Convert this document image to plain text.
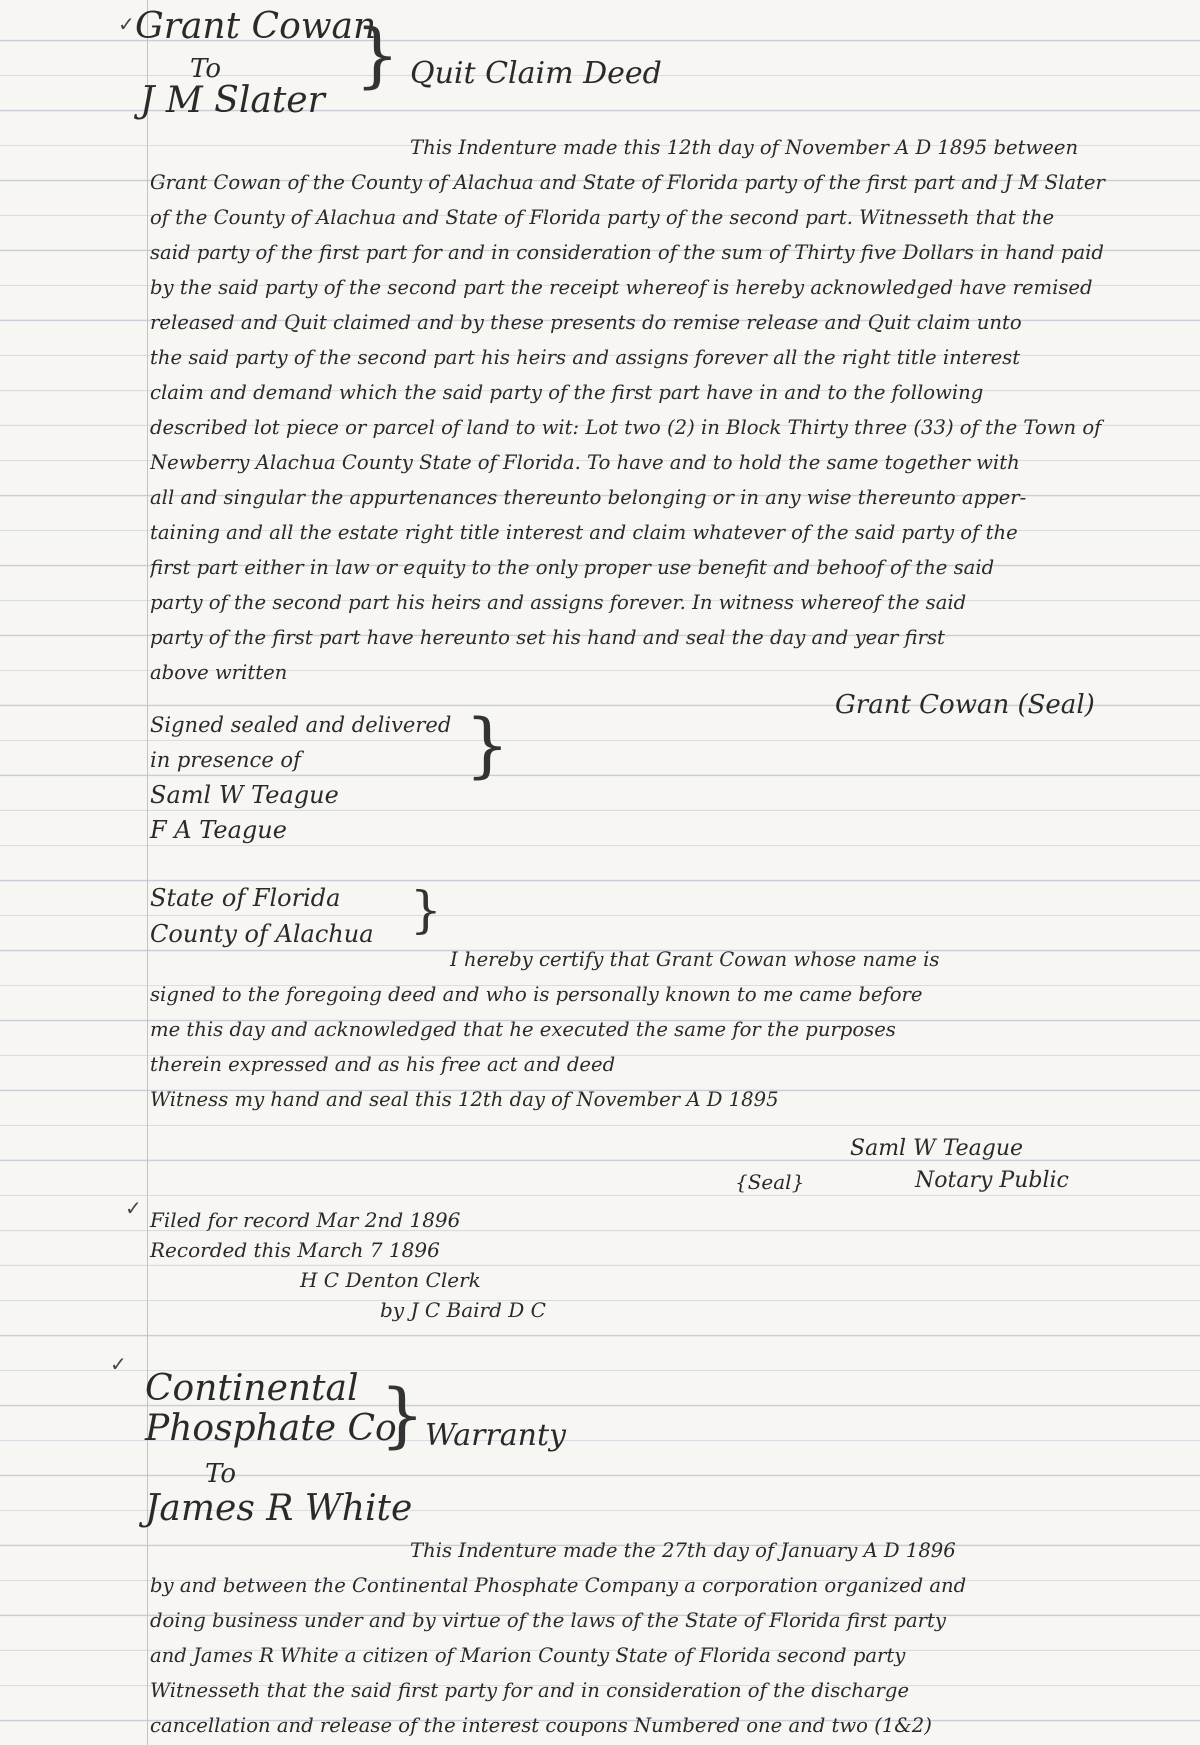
✓ Grant Cowan
To
J M Slater
} Quit Claim Deed
This Indenture made this 12th day of November A D 1895 between
Grant Cowan of the County of Alachua and State of Florida party of the first part and J M Slater
of the County of Alachua and State of Florida party of the second part. Witnesseth that the
said party of the first part for and in consideration of the sum of Thirty five Dollars in hand paid
by the said party of the second part the receipt whereof is hereby acknowledged have remised
released and Quit claimed and by these presents do remise release and Quit claim unto
the said party of the second part his heirs and assigns forever all the right title interest
claim and demand which the said party of the first part have in and to the following
described lot piece or parcel of land to wit: Lot two (2) in Block Thirty three (33) of the Town of
Newberry Alachua County State of Florida. To have and to hold the same together with
all and singular the appurtenances thereunto belonging or in any wise thereunto apper-
taining and all the estate right title interest and claim whatever of the said party of the
first part either in law or equity to the only proper use benefit and behoof of the said
party of the second part his heirs and assigns forever. In witness whereof the said
party of the first part have hereunto set his hand and seal the day and year first
above written
Grant Cowan (Seal)
Signed sealed and delivered
in presence of
Saml W Teague
F A Teague
}
State of Florida
County of Alachua }
I hereby certify that Grant Cowan whose name is
signed to the foregoing deed and who is personally known to me came before
me this day and acknowledged that he executed the same for the purposes
therein expressed and as his free act and deed
Witness my hand and seal this 12th day of November A D 1895
Saml W Teague
{Seal}	Notary Public
✓ Filed for record Mar 2nd 1896
Recorded this March 7 1896
H C Denton Clerk
by J C Baird D C
✓
Continental
Phosphate Co
To
James R White
} Warranty
This Indenture made the 27th day of January A D 1896
by and between the Continental Phosphate Company a corporation organized and
doing business under and by virtue of the laws of the State of Florida first party
and James R White a citizen of Marion County State of Florida second party
Witnesseth that the said first party for and in consideration of the discharge
cancellation and release of the interest coupons Numbered one and two (1&2)
